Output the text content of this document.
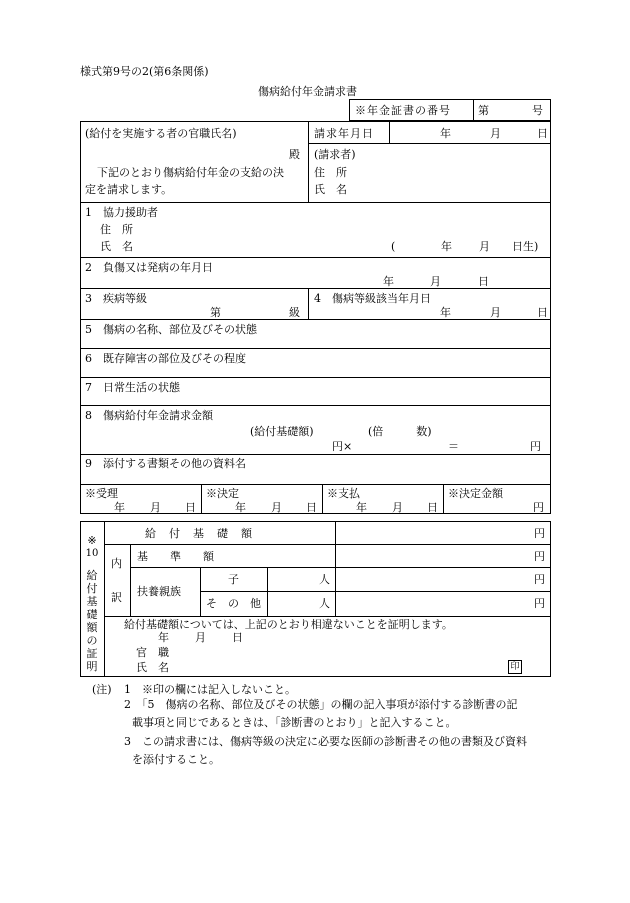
様式第9号の2(第6条関係)
傷病給付年金請求書
※年金証書の番号 第	号
(給付を実施する者の官職氏名)
殿
下記のとおり傷病給付年金の支給の決
定を請求します。
請求年月日	年	月	日
(請求者)
住　所
氏　名
1　協力援助者
住　所
氏　名	(	年 月 日生)
2　負傷又は発病の年月日
年	月	日
3　疾病等級
第	級
4　傷病等級該当年月日
年	月	日
5　傷病の名称、部位及びその状態
6　既存障害の部位及びその程度
7　日常生活の状態
8　傷病給付年金請求金額
(給付基礎額)	(倍　　　数)
円×	＝	円
9　添付する書類その他の資料名
※受理
年 月 日
※決定
年 月 日
※支払
年 月 日
※決定金額
円
※
10
給
付
基
礎
額
の
証
明
給　付　基　礎　額	円
内
訳
基　　準　　額	円
扶養親族
子	人	円
そ　の　他	人	円
給付基礎額については、上記のとおり相違ないことを証明します。
年 月 日
官　職
氏　名	印
(注) 1　※印の欄には記入しないこと。
2　「5　傷病の名称、部位及びその状態」の欄の記入事項が添付する診断書の記
載事項と同じであるときは、「診断書のとおり」と記入すること。
3　この請求書には、傷病等級の決定に必要な医師の診断書その他の書類及び資料
を添付すること。
